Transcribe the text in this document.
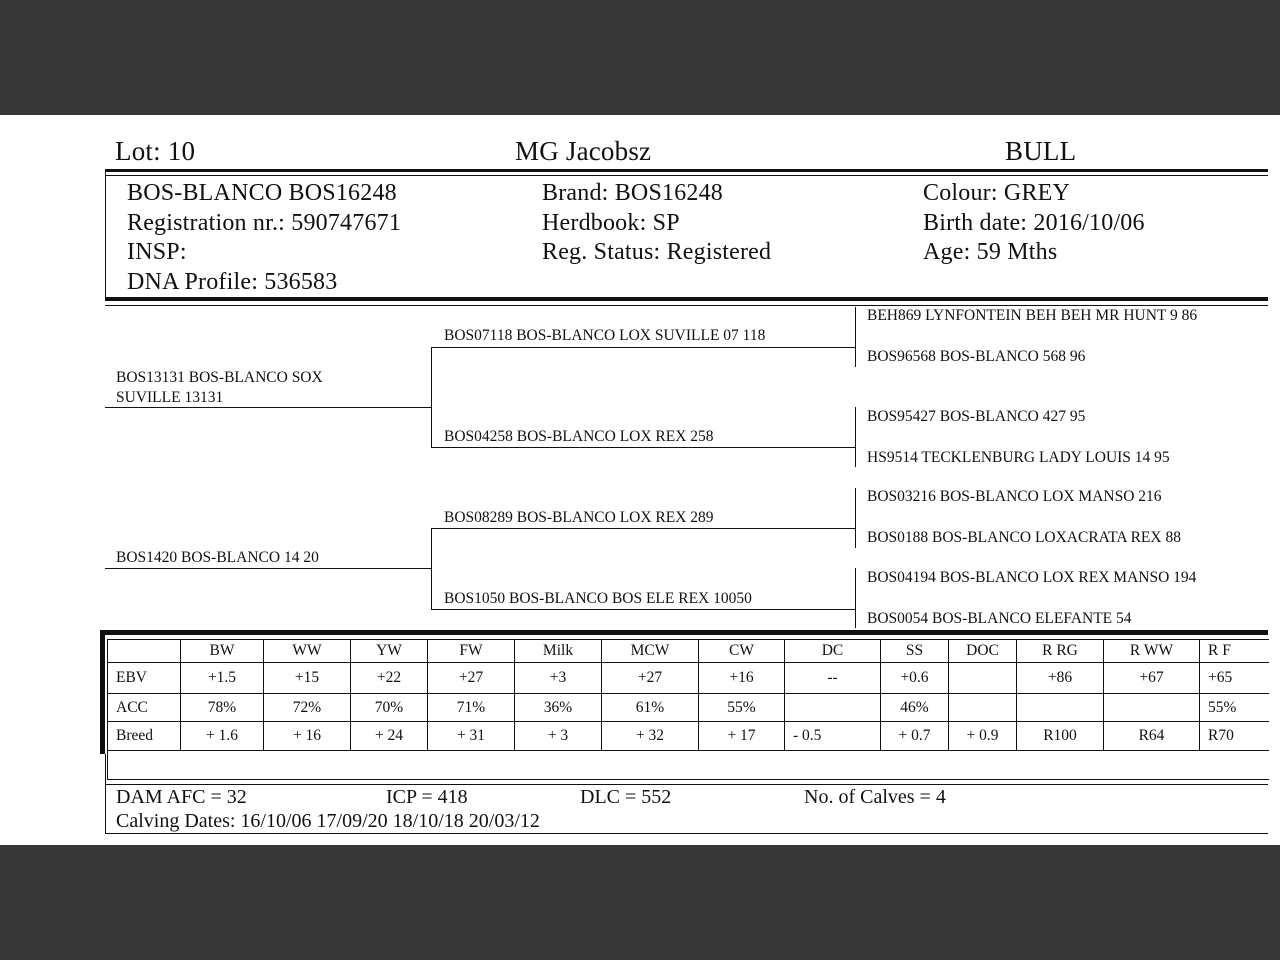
Lot: 10	MG Jacobsz	BULL
BOS-BLANCO BOS16248
Registration nr.: 590747671
INSP:
DNA Profile: 536583
Brand: BOS16248
Herdbook: SP
Reg. Status: Registered
Colour: GREY
Birth date: 2016/10/06
Age: 59 Mths
BOS13131 BOS-BLANCO SOX
SUVILLE 13131
BOS1420 BOS-BLANCO 14 20
BOS07118 BOS-BLANCO LOX SUVILLE 07 118
BOS04258 BOS-BLANCO LOX REX 258
BOS08289 BOS-BLANCO LOX REX 289
BOS1050 BOS-BLANCO BOS ELE REX 10050
BEH869 LYNFONTEIN BEH BEH MR HUNT 9 86
BOS96568 BOS-BLANCO 568 96
BOS95427 BOS-BLANCO 427 95
HS9514 TECKLENBURG LADY LOUIS 14 95
BOS03216 BOS-BLANCO LOX MANSO 216
BOS0188 BOS-BLANCO LOXACRATA REX 88
BOS04194 BOS-BLANCO LOX REX MANSO 194
BOS0054 BOS-BLANCO ELEFANTE 54
	BW	WW	YW	FW	Milk	MCW	CW	DC	SS	DOC	R RG	R WW	R F
EBV	+1.5	+15	+22	+27	+3	+27	+16	--	+0.6		+86	+67	+65
ACC	78%	72%	70%	71%	36%	61%	55%		46%				55%
Breed	+ 1.6	+ 16	+ 24	+ 31	+ 3	+ 32	+ 17	- 0.5	+ 0.7	+ 0.9	R100	R64	R70

DAM AFC = 32	ICP = 418	DLC = 552	No. of Calves = 4
Calving Dates: 16/10/06 17/09/20 18/10/18 20/03/12
